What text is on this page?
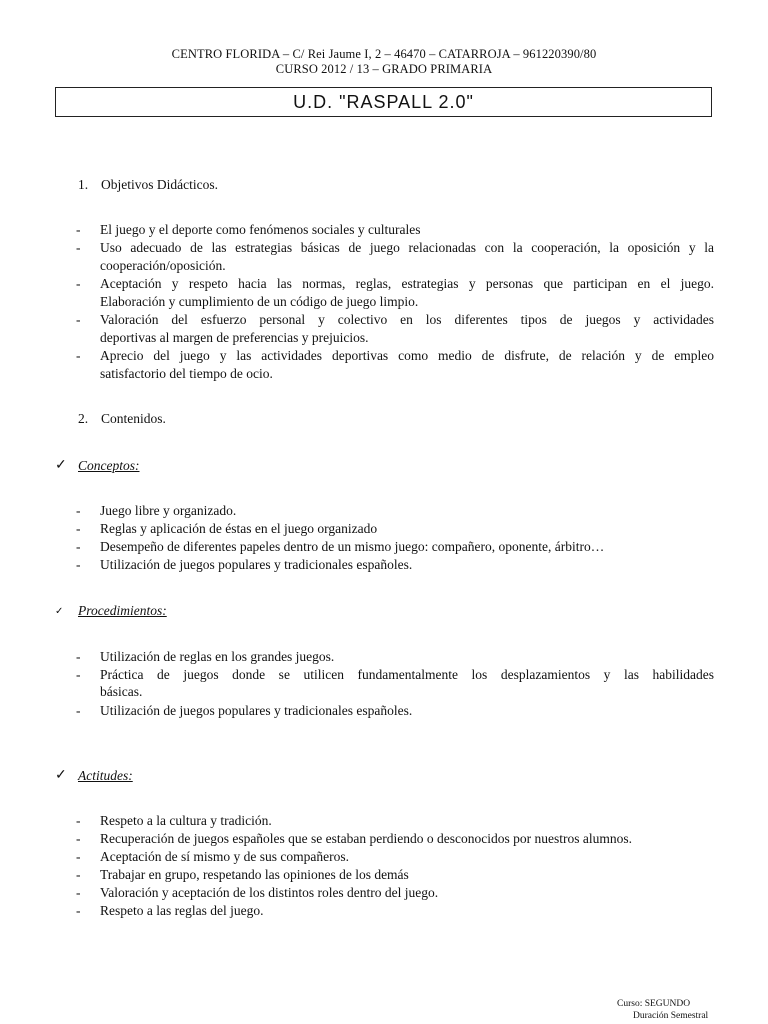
CENTRO FLORIDA – C/ Rei Jaume I, 2 – 46470 – CATARROJA – 961220390/80
CURSO 2012 / 13 – GRADO PRIMARIA
U.D. "RASPALL 2.0"
1. Objetivos Didácticos.
- El juego y el deporte como fenómenos sociales y culturales
- Uso adecuado de las estrategias básicas de juego relacionadas con la cooperación, la oposición y la
cooperación/oposición.
- Aceptación y respeto hacia las normas, reglas, estrategias y personas que participan en el juego.
Elaboración y cumplimiento de un código de juego limpio.
- Valoración del esfuerzo personal y colectivo en los diferentes tipos de juegos y actividades
deportivas al margen de preferencias y prejuicios.
- Aprecio del juego y las actividades deportivas como medio de disfrute, de relación y de empleo
satisfactorio del tiempo de ocio.
2. Contenidos.
✓ Conceptos:
- Juego libre y organizado.
- Reglas y aplicación de éstas en el juego organizado
- Desempeño de diferentes papeles dentro de un mismo juego: compañero, oponente, árbitro…
- Utilización de juegos populares y tradicionales españoles.
✓ Procedimientos:
- Utilización de reglas en los grandes juegos.
- Práctica de juegos donde se utilicen fundamentalmente los desplazamientos y las habilidades
básicas.
- Utilización de juegos populares y tradicionales españoles.
✓ Actitudes:
- Respeto a la cultura y tradición.
- Recuperación de juegos españoles que se estaban perdiendo o desconocidos por nuestros alumnos.
- Aceptación de sí mismo y de sus compañeros.
- Trabajar en grupo, respetando las opiniones de los demás
- Valoración y aceptación de los distintos roles dentro del juego.
- Respeto a las reglas del juego.
Curso: SEGUNDO
Duración Semestral
